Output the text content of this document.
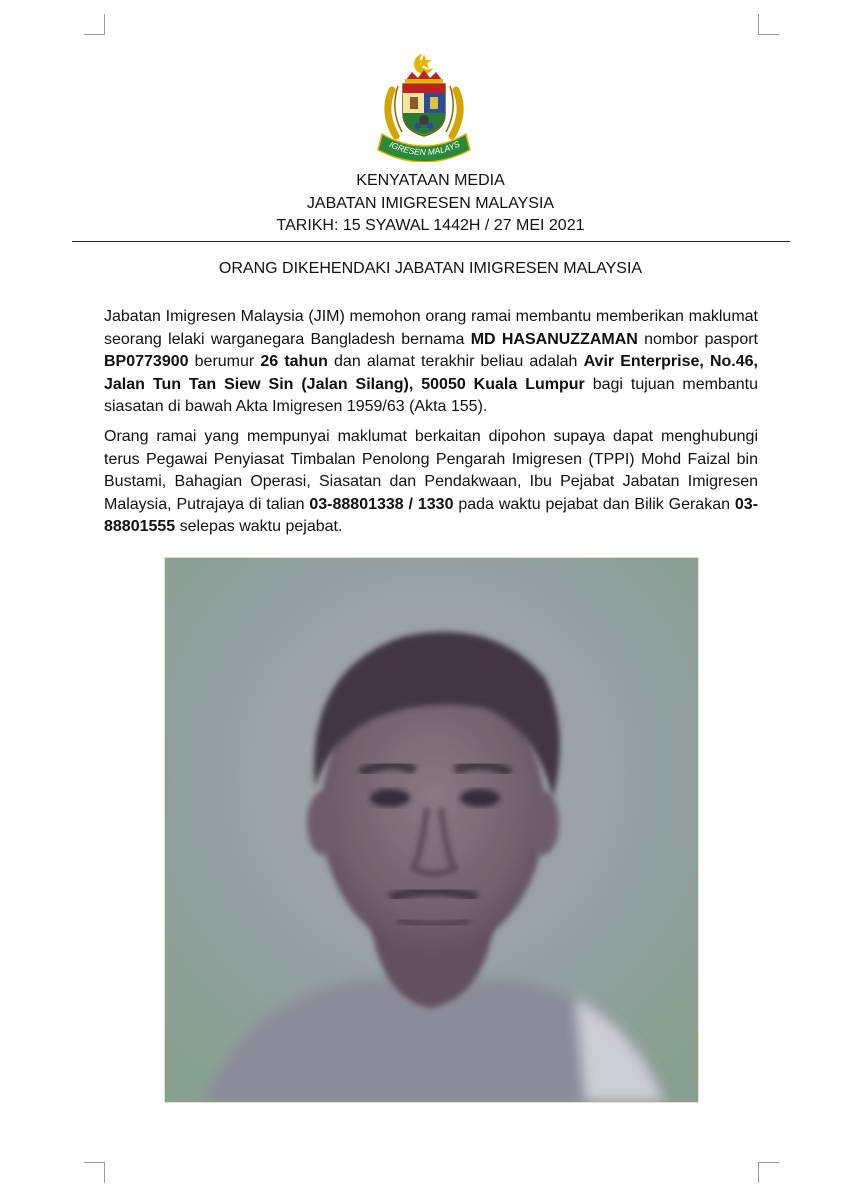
IGRESEN MALAYS
KENYATAAN MEDIA
JABATAN IMIGRESEN MALAYSIA
TARIKH: 15 SYAWAL 1442H / 27 MEI 2021
ORANG DIKEHENDAKI JABATAN IMIGRESEN MALAYSIA
Jabatan Imigresen Malaysia (JIM) memohon orang ramai membantu memberikan maklumat seorang lelaki warganegara Bangladesh bernama MD HASANUZZAMAN nombor pasport BP0773900 berumur 26 tahun dan alamat terakhir beliau adalah Avir Enterprise, No.46, Jalan Tun Tan Siew Sin (Jalan Silang), 50050 Kuala Lumpur bagi tujuan membantu siasatan di bawah Akta Imigresen 1959/63 (Akta 155).
Orang ramai yang mempunyai maklumat berkaitan dipohon supaya dapat menghubungi terus Pegawai Penyiasat Timbalan Penolong Pengarah Imigresen (TPPI) Mohd Faizal bin Bustami, Bahagian Operasi, Siasatan dan Pendakwaan, Ibu Pejabat Jabatan Imigresen Malaysia, Putrajaya di talian 03-88801338 / 1330 pada waktu pejabat dan Bilik Gerakan 03-88801555 selepas waktu pejabat.
